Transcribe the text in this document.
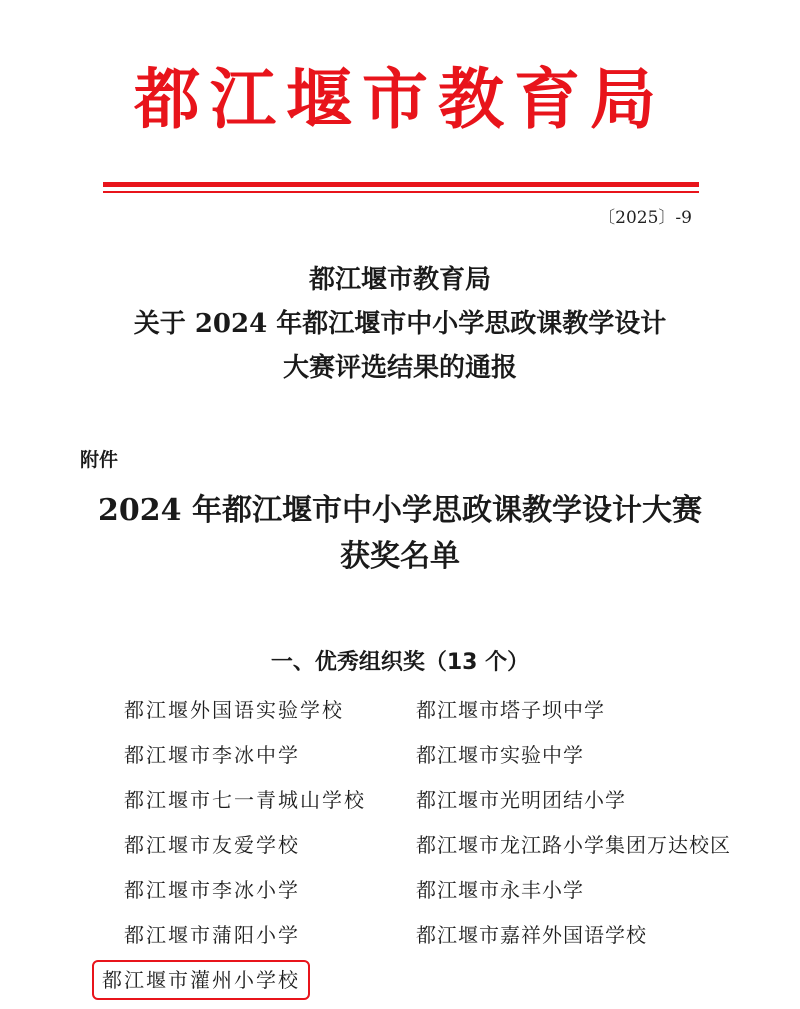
都江堰市教育局
〔2025〕-9
都江堰市教育局
关于 2024 年都江堰市中小学思政课教学设计
大赛评选结果的通报
附件
2024 年都江堰市中小学思政课教学设计大赛
获奖名单
一、优秀组织奖（13 个）
都江堰外国语实验学校	都江堰市塔子坝中学
都江堰市李冰中学	都江堰市实验中学
都江堰市七一青城山学校	都江堰市光明团结小学
都江堰市友爱学校	都江堰市龙江路小学集团万达校区
都江堰市李冰小学	都江堰市永丰小学
都江堰市蒲阳小学	都江堰市嘉祥外国语学校
都江堰市灌州小学校
